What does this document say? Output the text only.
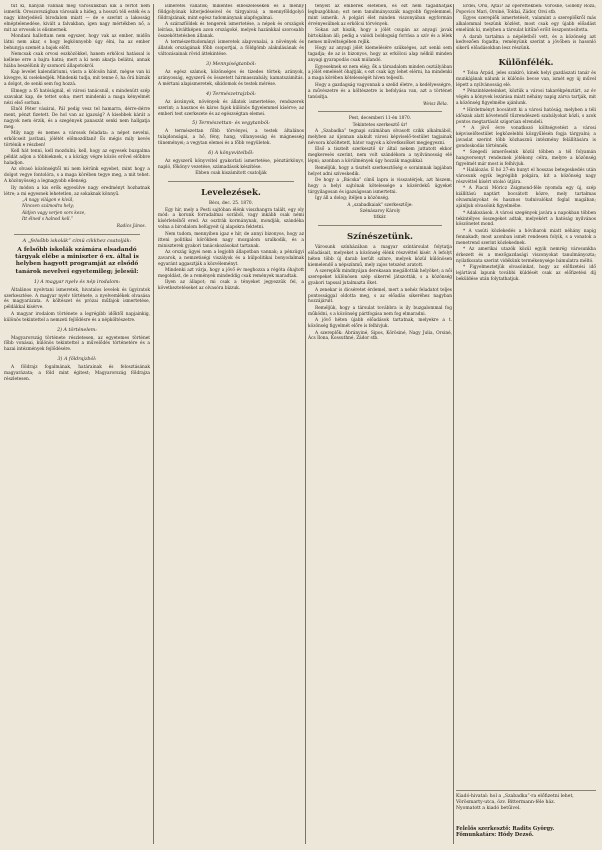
tűt ki, hányan vannak még városunkban kik a fertőt nem ismerik. Oroszországban városaik a hideg, a hosszú téli esték és a nagy kiterjedésű birodalom miatt — de e szerint a lakosság elnéptelenedése, kivált a falvakban, igen nagy mértékben nő, a mit az orvosok is elismernek.

Mondani hallottam nem egyszer, hogy vak az ember, midőn látni nem akar, s hogy legkönnyebb úgy élni, ha az ember behunyja szemét a bajok előtt.

Nemcsak csak orvosi eszközökkel, hanem erkölcsi hatással is kellene erre a bajra hatni; mert a ki nem akarja belátni, annak hiába beszélünk ily szomorú állapotokról.

Kap levelet kalendáriumi, vásra a kölcsön hánt, mégse van ki kivegye, ki cselekedjék. Mindenki tudja, mit tenne ő, ha őrá bíznák a dolgot, de senki sem fog hozzá.

Elmegy a fő hatóságnál, el városi tanácsnál, s mindenütt szép szavakat kap, de tettet soha; mert mindenki a maga kényelmét nézi első sorban.

Elnöl Péter vásárai, Pál pedig vesz tel hamarra, dérre-dérre ment, pénzt fizetett. De hol van az igazság? A kisebbek kárát a nagyok nem érzik, és a szegények panaszát senki nem hallgatja meg.

Mily nagy és nemes a városok feladata: a népet nevelni, erkölcseit javítani, jólétét előmozdítani! És mégis mily kevés történik e részben!

Kell hát tenni, kell mozdulni; kell, hogy az egyesek buzgalma példát adjon a többieknek, s a közügy végre közös erővel előbbre haladjon.

Az olvasó közönségtől mi nem kérünk egyebet, mint hogy a dolgot vegye fontolóra, s a maga körében tegye meg, a mit tehet. A közönyösség a legnagyobb ellenség.

Ily módon a kis erők egyesülve nagy eredményt hozhatnak létre; a mi egyesnek lehetetlen, az sokaknak könnyű.

„A nagy világon e kívül,

Nincsen számodra hely;

Áldjon vagy verjen sors keze,

Itt élned s halnod kell.”

Radics János.

A „felsőbb iskolák” címü cikkhez csatolják:

A felsőbb iskolák számára elsadandó tárgyak elébe a miniszter ő ex. által is helyben hagyott programját az elsődő tanárok nevelvei egyetemileg; jelesül:

1) A magyar nyelv és nép irodalom:

Általános nyelvtani ismeretek, hivatalos levelek és ügyiratok szerkesztése. A magyar nyelv története, a nyelvemlékek olvasása és magyarázata. A költészet és prózai műfajok ismertetése, példákkal kísérve.

A magyar irodalom története a legrégibb időktől napjainkig, különös tekintettel a nemzeti fejlődésre és a népköltészetre.

2) A történelem:

Magyarország története részletesen, az egyetemes történet főbb vonásai, különös tekintettel a művelődés történetére és a hazai intézmények fejlődésére.

3) A földrajzból:

A földrajz fogalmának, határainak és felosztásának magyarázata; a föld mint égitest; Magyarország földrajza részletesen.

ismeretei vallatok; mikéntes elbeszéléseken és a menny földgolyónak kiterjedéseivel és tárgyaival; a mennyföldgolyó földrajzának, mint egész tudománynak alapfogalmai.

A szárazföldek és tengerek ismertetése, a népek és országok leírása, kiváltképen azon országoké, melyek hazánkkal szorosabb összeköttetésben állanak.

A természettudományi ismeretek alapvonalai, a növények és állatok országának főbb csoportjai, a földgömb alakulásának és változásainak rövid áttekintése.

3) Mennyiségtanból:

Az egész számok, közönséges és tizedes törtek; arányok, arányosság, egyszerű és összetett hármasszabály, kamatszámítás. A mértani alapismeretek, síkidomok és testek mérése.

4) Természetrajzból:

Az ásványok, növények és állatok ismertetése, rendszerek szerint; a hasznos és káros fajok különös figyelemmel kísérve; az emberi test szerkezete és az egészségtan elemei.

5) Természettan- és vegytanból:

A természettan főbb törvényei, a testek általános tulajdonságai, a hő, fény, hang, villanyosság és mágnesség tüneményei; a vegytan elemei és a főbb vegyületek.

6) A könyvvitelből:

Az egyszerű könyvvitel gyakorlati ismertetése, pénztárkönyv, napló, főkönyv vezetése, számadások készítése.

Ebben csak kiszámított csatolják

Levelezések.

Bécs, dec. 25. 1870.

Egy hír, mely a Pesti sajtóban élénk visszhangra talált, egy oly mód: a korunk forradalmai sorából, vagy inkább csak némi kísérleteiből ered. Az osztrák kormánynak, mondják, szándéka volna a birodalom belügyeit új alapokra fektetni.

Nem tudom, mennyiben igaz e hír, de annyi bizonyos, hogy az itteni politikai körökben nagy mozgalom uralkodik, és a miniszterek gyakori tanácskozásokat tartanak.

Az ország ügyei nem a legjobb állapotban vannak; a pénzügyi zavarok, a nemzetiségi viszályok és a külpolitikai bonyodalmak egyaránt aggasztják a közvéleményt.

Mindenki azt várja, hogy a jövő év meghozza a régóta óhajtott megoldást, de a remények mindeddig csak remények maradtak.

Ilyen az állapot; mi csak a tényeket jegyezzük fel, a következtetéseket az olvasóra bízzuk.

tényeit az emberek életében, és ezt nem tagadhatják legbuzgóbban; ezt nem tanulmányozzák nagyobb figyelemmel, mint ismerik. A polgári élet minden viszonyában egyformán érvényesülnek az erkölcsi törvények.

Sokan azt hiszik, hogy a jólét csupán az anyagi javak birtokában áll; pedig a valódi boldogság forrása a szív és a lélek nemes műveltségében rejlik.

Hogy az anyagi jólét kiemelésére szükséges, azt senki sem tagadja; de az is bizonyos, hogy az erkölcsi alap nélkül minden anyagi gyarapodás csak múlandó.

Egyeseknek ez nem elég; ők a társadalom minden osztályában a jólét emelését óhajtják, s ezt csak úgy lehet elérni, ha mindenki a maga körében kötelességét híven teljesíti.

Hogy a gazdagság vagyonnak a szelíd életre, a kedélyességre, a művészetre és a költészetre is befolyása van, azt a történet tanúsítja.

Weisz Béla.

Pest, decemberi 11-én 1870.

Tekintetes szerkesztő úr!

A „Szabadka” tegnapi számában olvasott czikk alkalmából, melyben az újonnan alakult városi képviselő-testület tagjainak névsora közöltetett, bátor vagyok a következőket megjegyezni.

Első a tisztelt szerkesztő úr által nekem juttatott ekkor megkeresés szerint, nem volt szándékom a nyilvánosság elé lépni; azonban a körülmények úgy hozzák magukkal.

Reméljük, hogy a tisztelt szerkesztőség e soraimnak lapjában helyet adni szíveskedik.

De hogy a „Bácska” című lapra is visszatérjek, azt hiszem, hogy a helyi sajtónak kötelessége a közérdekű ügyeket tárgyilagosan és igazságosan ismertetni.

Igy áll a dolog; ítéljen a közönség.

A „szabadkaiak” szerkesztője:

Szénásaroy Károly

titkár.

Színészetünk.

Városunk színházában a magyar színtársulat folytatja előadásait, melyeket a közönség élénk részvéttel kísér. A lefolyt héten több új darab került színre, melyek közül különösen kiemelendő a népszínmű, mely zajos tetszést aratott.

A szereplők mindnyájan derekasan megállották helyöket; a női szerepeket különösen szép sikerrel játszották, s a közönség gyakori tapssal jutalmazta őket.

A zenekar is dicséretet érdemel, mert a nehéz feladatot teljes pontossággal oldotta meg, s az előadás sikeréhez nagyban hozzájárult.

Reméljük, hogy a társulat továbbra is ily buzgalommal fog működni, s a közönség pártfogása nem fog elmaradni.

A jövő héten újabb előadások tartatnak, melyekre a t. közönség figyelmét előre is felhívjuk.

A szereplők: Ábrányiné, Sipos, Körösiné, Nagy Julia, Orsiné, Ács Ilona, Kossuthné, Zádor stb.

Erdei, Orsi, Ajtai? az operettekben: Vörösné, Göllény Róza, Popovics Mari, Orsiné, Toldai, Zádor, Orsi stb.

Egyes szereplők ismertetését, valamint a szereplőkről más alkalommal teszünk közlést, most csak egy újabb előadást emelünk ki, melyben a társulat kitűnő erőit összpontosította.

A darab tartalma a népéletből vett, és a közönség azt kedvezően fogadta; reményünk szerint a jövőben is hasonló sikerű előadásokban lesz részünk.

Különfélék.

* Tolsa Árpád, jeles szakíró, kinek helyi gazdászati tanár és munkájának nálunk is különös becse van, ismét egy új művel lépett a nyilvánosság elé.

* Pénzintézeteinket, köztük a városi takarékpénztárt, az év végén a könyvek lezárása miatt néhány napig zárva tartják, mit a közönség figyelmébe ajánlunk.

* Hirdetményt bocsátott ki a városi hatóság, melyben a téli időszak alatt követendő tűzrendészeti szabályokat közli, s azok pontos megtartását szigorúan elrendeli.

* A jövő évre vonatkozó költségvetést a városi képviselőtestület legközelebbi közgyűlésén fogja tárgyalni; a javaslat szerint több közhasznú intézmény felállítására is gondoskodás történnék.

* Szegedi ismerőseink közül többen a tél folyamán hangversenyt rendeznek jótékony célra, melyre a közönség figyelmét már most is felhívjuk.

* Halálozás. E hó 27-én hunyt el hosszas betegeskedés után városunk egyik legrégibb polgára, kit a közönség nagy részvéttel kísért utolsó útjára.

* A Piaczi Móricz Zsigmond-féle nyomda egy új, szép kiállítású naptárt bocsátott közre, mely tartalmas olvasmányokat és hasznos tudnivalókat foglal magában; ajánljuk olvasóink figyelmébe.

* Adakozások. A városi szegények javára a napokban többen tekintélyes összegeket adtak, melyekért a hatóság nyilvános köszönetet mond.

* A vasúti közlekedés a hóviharok miatt néhány napig fennakadt; most azonban ismét rendesen folyik, s a vonatok a menetrend szerint közlekednek.

* Az amerikai utazók közül egyik nemrég városunkba érkezett és a mezőgazdasági viszonyokat tanulmányozta; nyilatkozata szerint vidékünk termékenysége bámulatra méltó.

* Figyelmeztetjük olvasóinkat, hogy az előfizetési idő lejártával lapunk további küldését csak az előfizetési díj beküldése után folytathatjuk.

Kiadó-hivatal: hol a „Szabadka”-ra előfizetni lehet, Vörösmarty-utca, özv. Bittermann-féle ház.
Nyomatott a kiadó betűivel.
Felelős szerkesztő: Radits György.
Főmunkatárs: Hódy Dezső.
